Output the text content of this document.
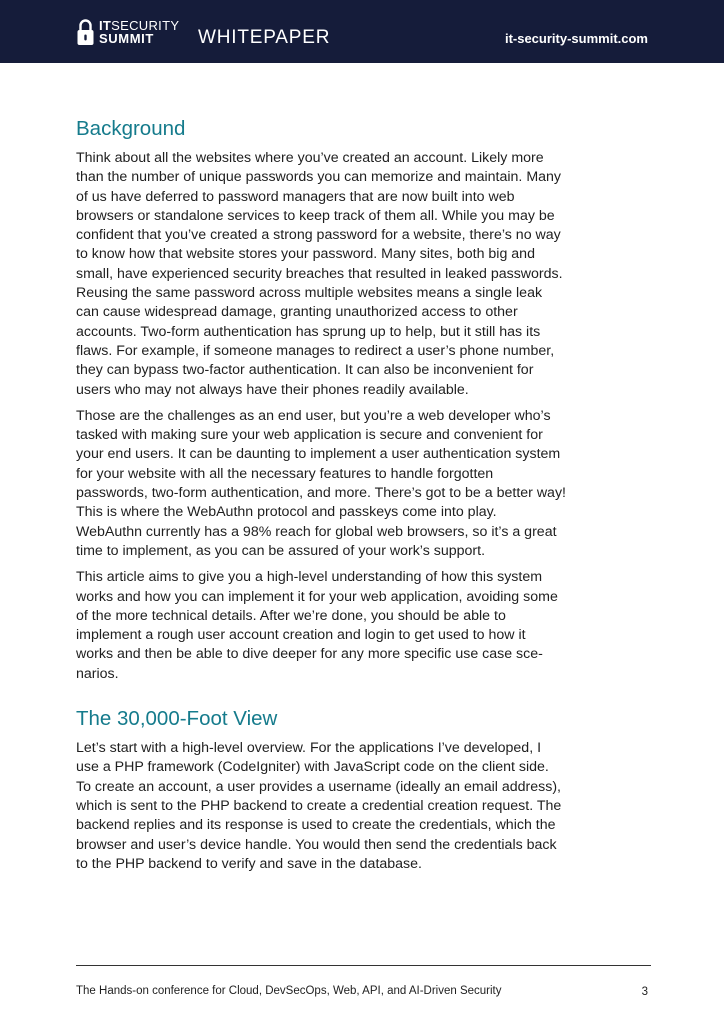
ITSECURITY
SUMMIT	WHITEPAPER	it-security-summit.com
Background

Think about all the websites where you’ve created an account. Likely more than the number of unique passwords you can memorize and maintain. Many of us have deferred to password managers that are now built into web browsers or standalone services to keep track of them all. While you may be confident that you’ve created a strong password for a website, there’s no way to know how that website stores your password. Many sites, both big and small, have experienced security breaches that resulted in leaked passwords. Reusing the same password across multiple websites means a single leak can cause widespread damage, granting unauthorized access to other accounts. Two-form authentication has sprung up to help, but it still has its flaws. For example, if someone manages to redirect a user’s phone number, they can bypass two-factor authentication. It can also be inconvenient for users who may not always have their phones readily available.

Those are the challenges as an end user, but you’re a web developer who’s tasked with making sure your web application is secure and convenient for your end users. It can be daunting to implement a user authentication system for your website with all the necessary features to handle forgotten passwords, two-form authentication, and more. There’s got to be a better way! This is where the WebAuthn protocol and passkeys come into play. WebAuthn currently has a 98% reach for global web browsers, so it’s a great time to implement, as you can be assured of your work’s support.

This article aims to give you a high-level understanding of how this system works and how you can implement it for your web application, avoiding some of the more technical details. After we’re done, you should be able to implement a rough user account creation and login to get used to how it works and then be able to dive deeper for any more specific use case scenarios.

The 30,000-Foot View

Let’s start with a high-level overview. For the applications I’ve developed, I use a PHP framework (CodeIgniter) with JavaScript code on the client side. To create an account, a user provides a username (ideally an email address), which is sent to the PHP backend to create a credential creation request. The backend replies and its response is used to create the credentials, which the browser and user’s device handle. You would then send the credentials back to the PHP backend to verify and save in the database.

The Hands-on conference for Cloud, DevSecOps, Web, API, and AI-Driven Security	3
